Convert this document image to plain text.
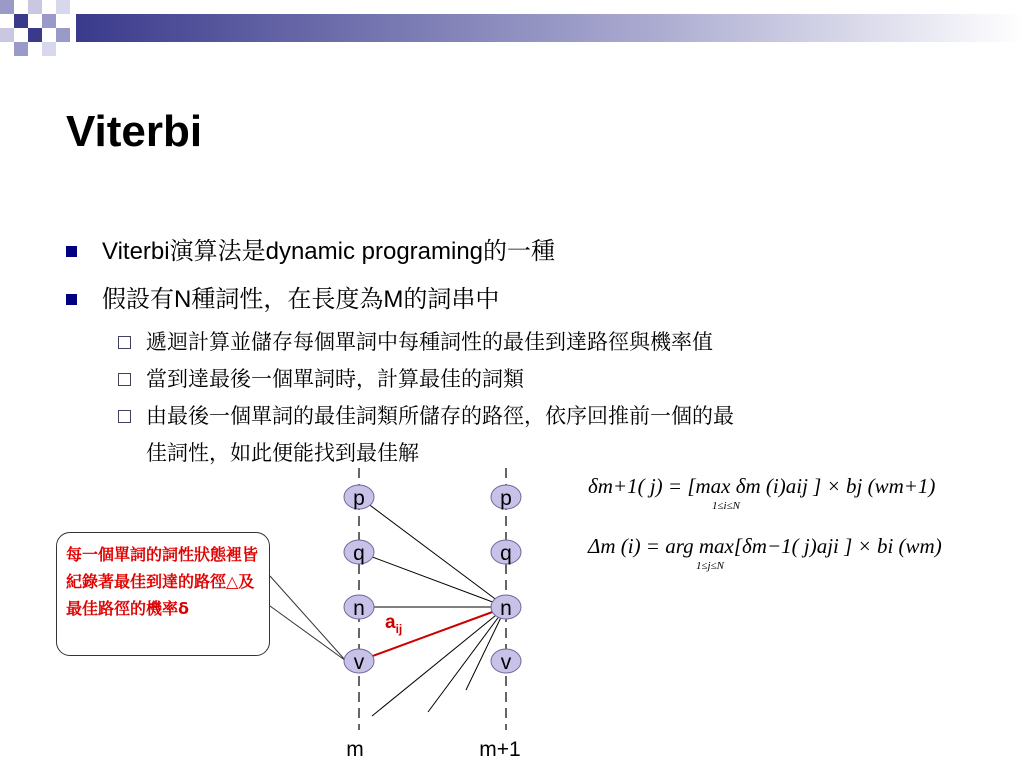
Viterbi
Viterbi演算法是dynamic programing的一種
假設有N種詞性，在長度為M的詞串中
遞迴計算並儲存每個單詞中每種詞性的最佳到達路徑與機率值
當到達最後一個單詞時，計算最佳的詞類
由最後一個單詞的最佳詞類所儲存的路徑，依序回推前一個的最
佳詞性，如此便能找到最佳解
p
q
n
v
p
q
n
v
$a_{ij}$
m	m+1
每一個單詞的詞性狀態裡皆紀錄著最佳到達的路徑△及最佳路徑的機率δ
δm+1( j) = [max δm (i)aij ] × bj (wm+1)
1≤i≤N
Δm (i) = arg max[δm−1( j)aji ] × bi (wm)
1≤j≤N
